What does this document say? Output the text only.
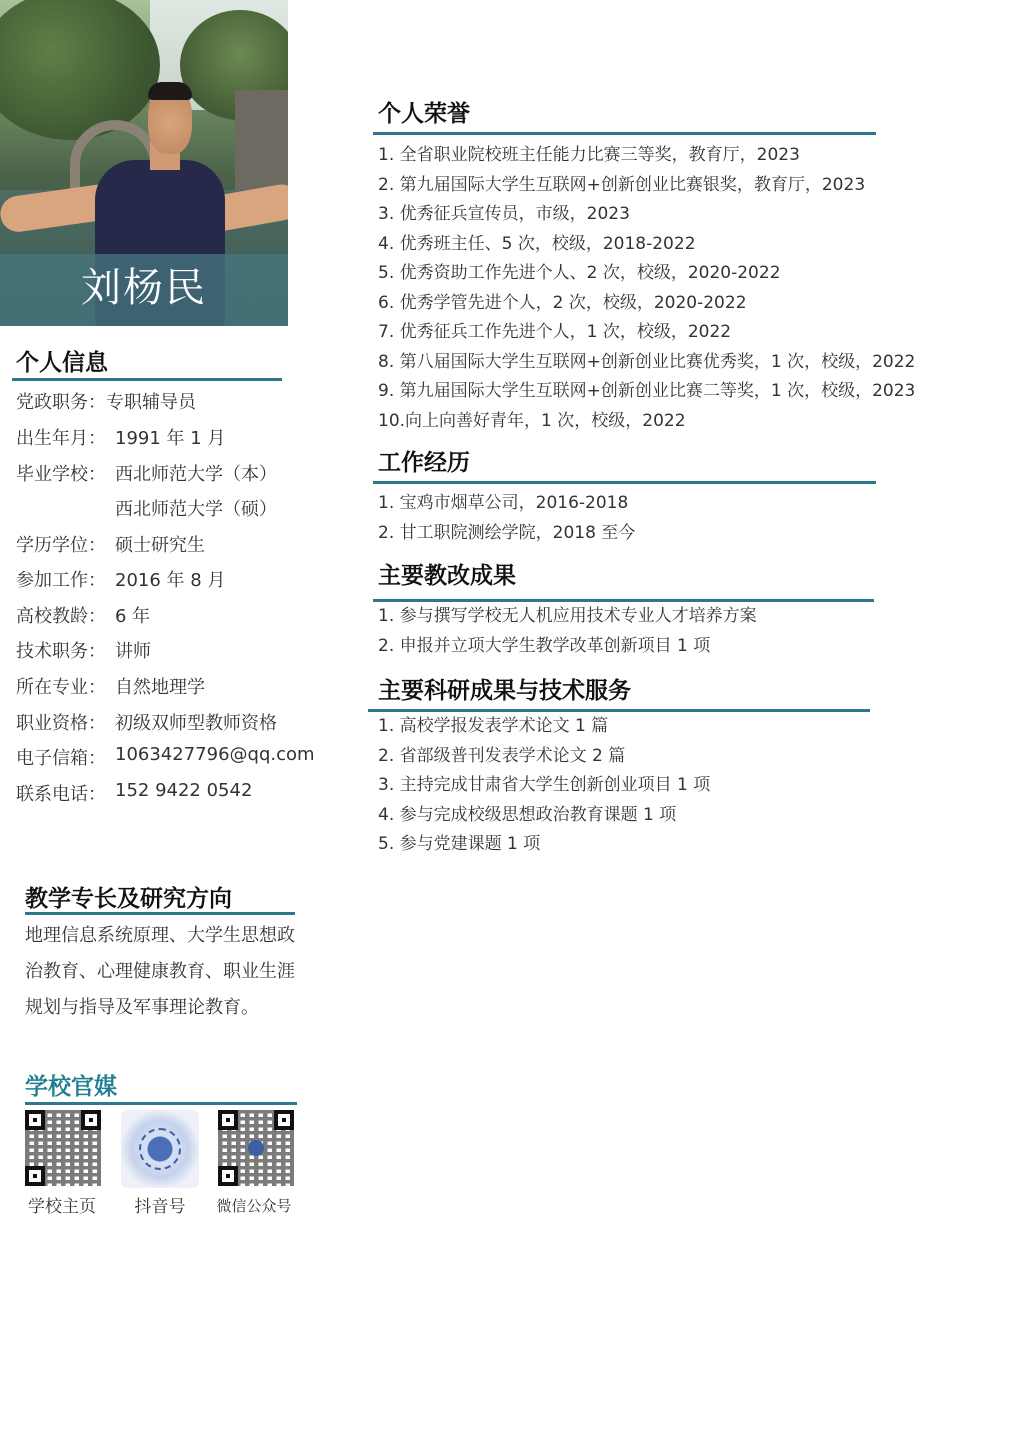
刘杨民
个人信息
党政职务： 专职辅导员
出生年月： 1991 年 1 月
毕业学校： 西北师范大学（本）
西北师范大学（硕）
学历学位： 硕士研究生
参加工作： 2016 年 8 月
高校教龄： 6 年
技术职务： 讲师
所在专业： 自然地理学
职业资格： 初级双师型教师资格
电子信箱： 1063427796@qq.com
联系电话： 152 9422 0542
教学专长及研究方向
地理信息系统原理、大学生思想政治教育、心理健康教育、职业生涯规划与指导及军事理论教育。
学校官媒
学校主页	抖音号	微信公众号
个人荣誉
1. 全省职业院校班主任能力比赛三等奖，教育厅，2023
2. 第九届国际大学生互联网+创新创业比赛银奖，教育厅，2023
3. 优秀征兵宣传员，市级，2023
4. 优秀班主任、5 次，校级，2018-2022
5. 优秀资助工作先进个人、2 次，校级，2020-2022
6. 优秀学管先进个人，2 次，校级，2020-2022
7. 优秀征兵工作先进个人，1 次，校级，2022
8. 第八届国际大学生互联网+创新创业比赛优秀奖，1 次，校级，2022
9. 第九届国际大学生互联网+创新创业比赛二等奖，1 次，校级，2023
10.向上向善好青年，1 次，校级，2022
工作经历
1. 宝鸡市烟草公司，2016-2018
2. 甘工职院测绘学院，2018 至今
主要教改成果
1. 参与撰写学校无人机应用技术专业人才培养方案
2. 申报并立项大学生教学改革创新项目 1 项
主要科研成果与技术服务
1. 高校学报发表学术论文 1 篇
2. 省部级普刊发表学术论文 2 篇
3. 主持完成甘肃省大学生创新创业项目 1 项
4. 参与完成校级思想政治教育课题 1 项
5. 参与党建课题 1 项
